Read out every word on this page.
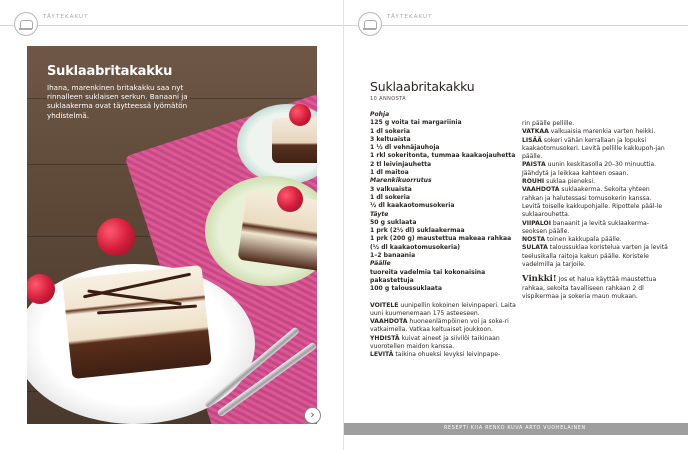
TÄYTEKAKUT
Suklaabritakakku
Ihana, marenkinen britakakku saa nyt rinnalleen suklaisen serkun. Banaani ja suklaakerma ovat täytteessä lyömätön yhdistelmä.
›
TÄYTEKAKUT
Suklaabritakakku
10 ANNOSTA
Pohja
125 g voita tai margariinia
1 dl sokeria
3 keltuaista
1 ½ dl vehnäjauhoja
1 rkl sokeritonta, tummaa kaakaojauhetta
2 tl leivinjauhetta
1 dl maitoa
Marenkikuorrutus
3 valkuaista
1 dl sokeria
½ dl kaakaotomusokeria
Täyte
50 g suklaata
1 prk (2½ dl) suklaakermaa
1 prk (200 g) maustettua makeaa rahkaa
(½ dl kaakaotomusokeria)
1–2 banaania
Päälle
tuoreita vadelmia tai kokonaisina
pakastettuja
100 g taloussuklaata
VOITELE uunipellin kokoinen leivinpaperi. Laita uuni kuumenemaan 175 asteeseen.
VAAHDOTA huoneenlämpöinen voi ja soke-ri vatkaimella. Vatkaa keltuaiset joukkoon.
YHDISTÄ kuivat aineet ja siivilöi taikinaan vuorotellen maidon kanssa.
LEVITÄ taikina ohueksi levyksi leivinpape-
rin päälle pellille.
VATKAA valkuaisia marenkia varten heikki.
LISÄÄ sokeri vähän kerrallaan ja lopuksi kaakaotomusokeri. Levitä pellille kakkupoh-jan päälle.
PAISTA uunin keskitasolla 20–30 minuuttia. Jäähdytä ja leikkaa kahteen osaan.
ROUHI suklaa pieneksi.
VAAHDOTA suklaakerma. Sekoita yhteen rahkan ja halutessasi tomusokerin kanssa. Levitä toiselle kakkupohjalle. Ripottele pääl-le suklaarouhetta.
VIIPALOI banaanit ja levitä suklaakerma-seoksen päälle.
NOSTA toinen kakkupala päälle.
SULATA taloussuklaa koristelua varten ja levitä teelusikalla raitoja kakun päälle. Koristele vadelmilla ja tarjoile.
Vinkki! Jos et halua käyttää maustettua rahkaa, sekoita tavalliseen rahkaan 2 dl vispikermaa ja sokeria maun mukaan.
RESEPTI KIIA RENKO KUVA ARTO VUOHELAINEN
